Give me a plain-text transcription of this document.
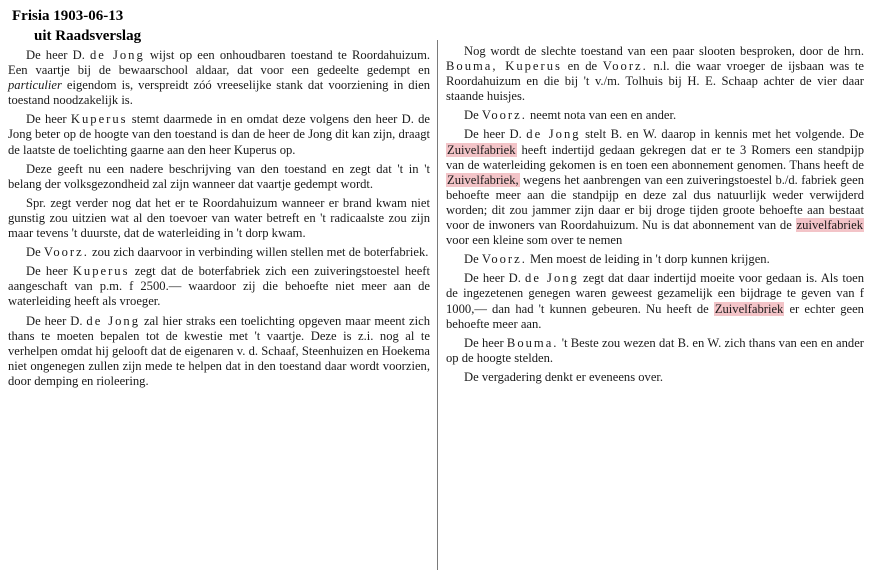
Frisia 1903-06-13
uit Raadsverslag

De heer D. de Jong wijst op een onhoudbaren toestand te Roordahuizum. Een vaartje bij de bewaarschool aldaar, dat voor een gedeelte gedempt en particulier eigendom is, verspreidt zóó vreeselijke stank dat voorziening in dien toestand noodzakelijk is.

De heer Kuperus stemt daarmede in en omdat deze volgens den heer D. de Jong beter op de hoogte van den toestand is dan de heer de Jong dit kan zijn, draagt de laatste de toelichting gaarne aan den heer Kuperus op.

Deze geeft nu een nadere beschrijving van den toestand en zegt dat 't in 't belang der volksgezondheid zal zijn wanneer dat vaartje gedempt wordt.

Spr. zegt verder nog dat het er te Roordahuizum wanneer er brand kwam niet gunstig zou uitzien wat al den toevoer van water betreft en 't radicaalste zou zijn maar tevens 't duurste, dat de waterleiding in 't dorp kwam.

De Voorz. zou zich daarvoor in verbinding willen stellen met de boterfabriek.

De heer Kuperus zegt dat de boterfabriek zich een zuiveringstoestel heeft aangeschaft van p.m. f 2500.— waardoor zij die behoefte niet meer aan de waterleiding heeft als vroeger.

De heer D. de Jong zal hier straks een toelichting opgeven maar meent zich thans te moeten bepalen tot de kwestie met 't vaartje. Deze is z.i. nog al te verhelpen omdat hij gelooft dat de eigenaren v. d. Schaaf, Steenhuizen en Hoekema niet ongenegen zullen zijn mede te helpen dat in den toestand daar wordt voorzien, door demping en rioleering.

Nog wordt de slechte toestand van een paar slooten besproken, door de hrn. Bouma, Kuperus en de Voorz. n.l. die waar vroeger de ijsbaan was te Roordahuizum en die bij 't v./m. Tolhuis bij H. E. Schaap achter de vier daar staande huisjes.

De Voorz. neemt nota van een en ander.

De heer D. de Jong stelt B. en W. daarop in kennis met het volgende. De Zuivelfabriek heeft indertijd gedaan gekregen dat er te 3 Romers een standpijp van de waterleiding gekomen is en toen een abonnement genomen. Thans heeft de Zuivelfabriek, wegens het aanbrengen van een zuiveringstoestel b./d. fabriek geen behoefte meer aan die standpijp en deze zal dus natuurlijk weder verwijderd worden; dit zou jammer zijn daar er bij droge tijden groote behoefte aan bestaat voor de inwoners van Roordahuizum. Nu is dat abonnement van de zuivelfabriek voor een kleine som over te nemen

De Voorz. Men moest de leiding in 't dorp kunnen krijgen.

De heer D. de Jong zegt dat daar indertijd moeite voor gedaan is. Als toen de ingezetenen genegen waren geweest gezamelijk een bijdrage te geven van f 1000,— dan had 't kunnen gebeuren. Nu heeft de Zuivelfabriek er echter geen behoefte meer aan.

De heer Bouma. 't Beste zou wezen dat B. en W. zich thans van een en ander op de hoogte stelden.

De vergadering denkt er eveneens over.
